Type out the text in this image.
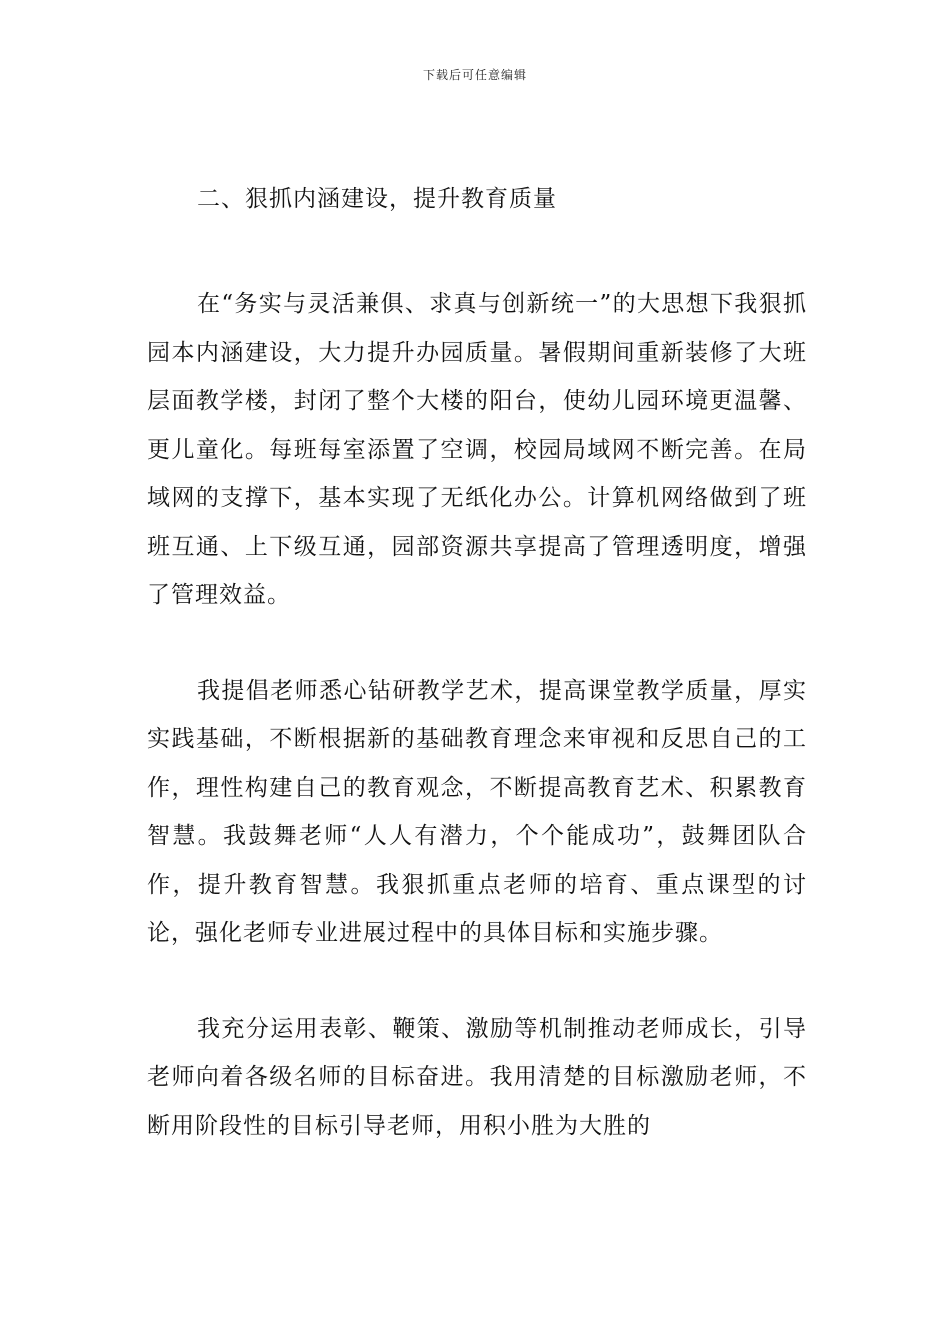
下载后可任意编辑
二、狠抓内涵建设，提升教育质量

在“务实与灵活兼俱、求真与创新统一”的大思想下我狠抓园本内涵建设，大力提升办园质量。暑假期间重新装修了大班层面教学楼，封闭了整个大楼的阳台，使幼儿园环境更温馨、更儿童化。每班每室添置了空调，校园局域网不断完善。在局域网的支撑下，基本实现了无纸化办公。计算机网络做到了班班互通、上下级互通，园部资源共享提高了管理透明度，增强了管理效益。

我提倡老师悉心钻研教学艺术，提高课堂教学质量，厚实实践基础，不断根据新的基础教育理念来审视和反思自己的工作，理性构建自己的教育观念，不断提高教育艺术、积累教育智慧。我鼓舞老师“人人有潜力，个个能成功”，鼓舞团队合作，提升教育智慧。我狠抓重点老师的培育、重点课型的讨论，强化老师专业进展过程中的具体目标和实施步骤。

我充分运用表彰、鞭策、激励等机制推动老师成长，引导老师向着各级名师的目标奋进。我用清楚的目标激励老师，不断用阶段性的目标引导老师，用积小胜为大胜的
